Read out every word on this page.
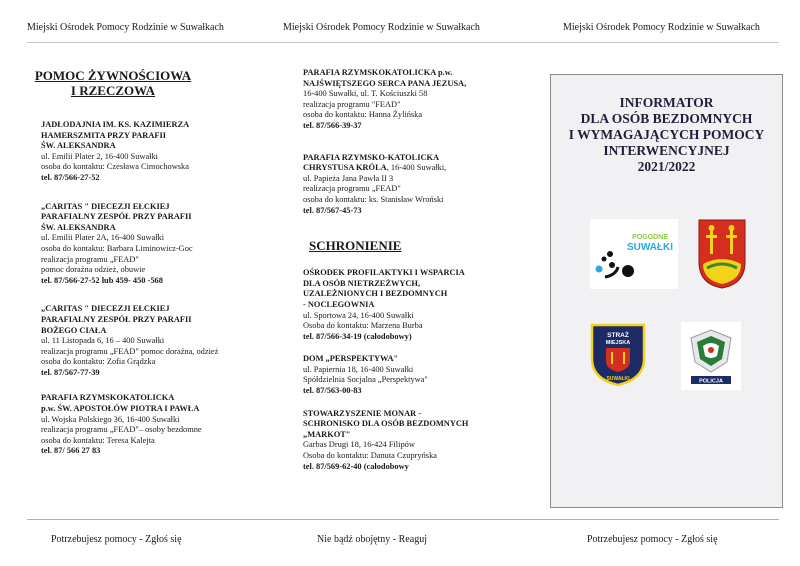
Miejski Ośrodek Pomocy Rodzinie w Suwałkach	Miejski Ośrodek Pomocy Rodzinie w Suwałkach	Miejski Ośrodek Pomocy Rodzinie w Suwałkach
POMOC ŻYWNOŚCIOWA
I RZECZOWA
JADŁODAJNIA IM. KS. KAZIMIERZA
HAMERSZMITA PRZY PARAFII
ŚW. ALEKSANDRA
ul. Emilii Plater 2, 16-400 Suwałki
osoba do kontaktu: Czesława Cimochowska
tel. 87/566-27-52
„CARITAS " DIECEZJI EŁCKIEJ
PARAFIALNY ZESPÓŁ PRZY PARAFII
ŚW. ALEKSANDRA
ul. Emilii Plater 2A, 16-400 Suwałki
osoba do kontaktu: Barbara Liminowicz-Goc
realizacja programu „FEAD"
pomoc doraźna odzież, obuwie
tel. 87/566-27-52 lub 459- 450 -568
„CARITAS " DIECEZJI EŁCKIEJ
PARAFIALNY ZESPÓŁ PRZY PARAFII
BOŻEGO CIAŁA
ul. 11 Listopada 6, 16 – 400 Suwałki
realizacja programu „FEAD" pomoc doraźna, odzież
osoba do kontaktu: Zofia Grądzka
tel. 87/567-77-39
PARAFIA RZYMSKOKATOLICKA
p.w. ŚW. APOSTOŁÓW PIOTRA I PAWŁA
ul. Wojska Polskiego 36, 16-400 Suwałki
realizacja programu „FEAD"– osoby bezdomne
osoba do kontaktu: Teresa Kalejta
tel. 87/ 566 27 83
PARAFIA RZYMSKOKATOLICKA p.w.
NAJŚWIĘTSZEGO SERCA PANA JEZUSA,
16-400 Suwałki, ul. T. Kościuszki 58
realizacja programu "FEAD"
osoba do kontaktu: Hanna Żylińska
tel. 87/566-39-37
PARAFIA RZYMSKO-KATOLICKA
CHRYSTUSA KRÓLA, 16-400 Suwałki,
ul. Papieża Jana Pawła II 3
realizacja programu „FEAD"
osoba do kontaktu: ks. Stanisław Wroński
tel. 87/567-45-73
SCHRONIENIE
OŚRODEK PROFILAKTYKI I WSPARCIA
DLA OSÓB NIETRZEŹWYCH,
UZALEŻNIONYCH I BEZDOMNYCH
- NOCLEGOWNIA
ul. Sportowa 24, 16-400 Suwałki
Osoba do kontaktu: Marzena Burba
tel. 87/566-34-19 (całodobowy)
DOM „PERSPEKTYWA"
ul. Papiernia 18, 16-400 Suwałki
Spółdzielnia Socjalna „Perspektywa"
tel. 87/563-00-83
STOWARZYSZENIE MONAR -
SCHRONISKO DLA OSÓB BEZDOMNYCH
„MARKOT"
Garbas Drugi 18, 16-424 Filipów
Osoba do kontaktu: Danuta Czupryńska
tel. 87/569-62-40 (całodobowy
INFORMATOR
DLA OSÓB BEZDOMNYCH
I WYMAGAJĄCYCH POMOCY
INTERWENCYJNEJ
2021/2022
POGODNE
SUWAŁKI
STRAŻ
MIEJSKA
SUWAŁKI	POLICJA
Potrzebujesz pomocy - Zgłoś się	Nie bądź obojętny - Reaguj	Potrzebujesz pomocy - Zgłoś się
